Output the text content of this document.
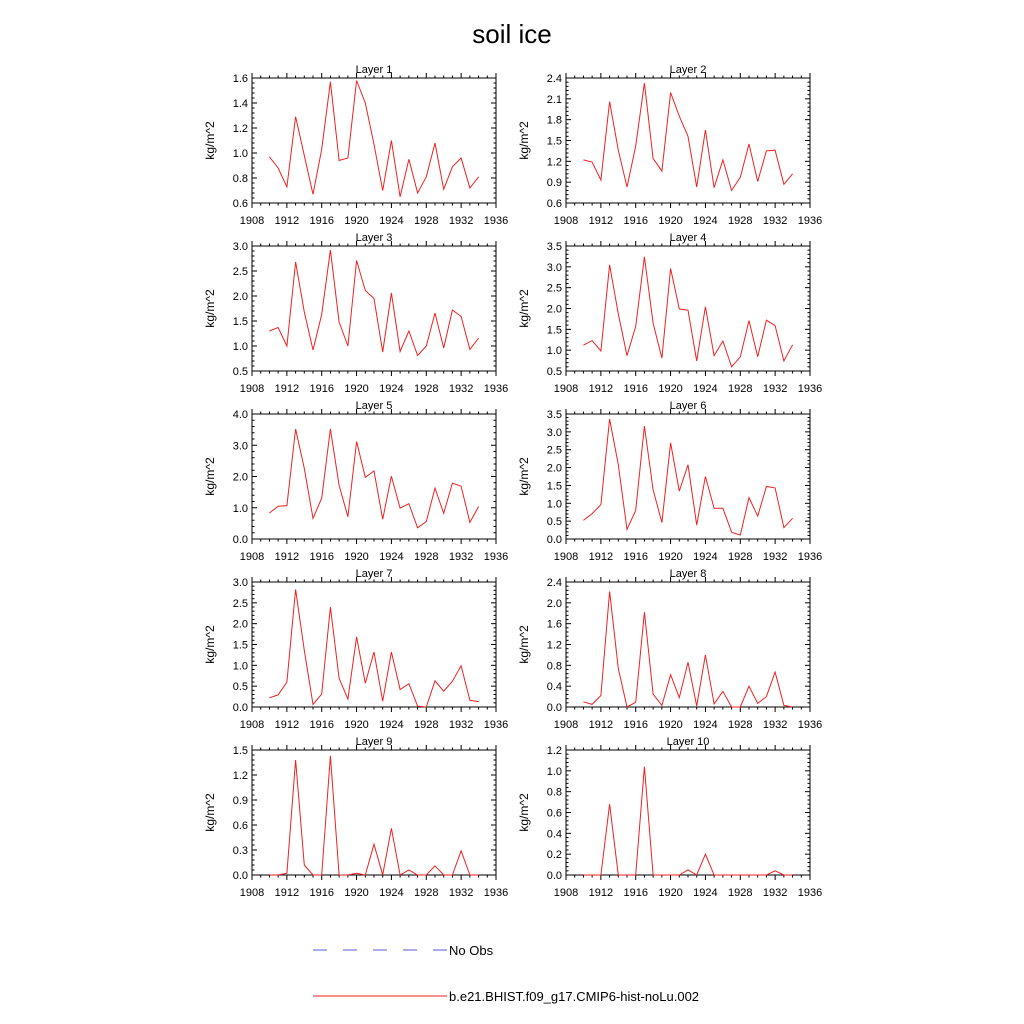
soil ice
Layer 1
0.6
0.8
1.0
1.2
1.4
1.6
1908 1912 1916 1920 1924 1928 1932 1936
kg/m^2
Layer 2
0.6
0.9
1.2
1.5
1.8
2.1
2.4
1908 1912 1916 1920 1924 1928 1932 1936
kg/m^2
Layer 3
0.5
1.0
1.5
2.0
2.5
3.0
1908 1912 1916 1920 1924 1928 1932 1936
kg/m^2
Layer 4
0.5
1.0
1.5
2.0
2.5
3.0
3.5
1908 1912 1916 1920 1924 1928 1932 1936
kg/m^2
Layer 5
0.0
1.0
2.0
3.0
4.0
1908 1912 1916 1920 1924 1928 1932 1936
kg/m^2
Layer 6
0.0
0.5
1.0
1.5
2.0
2.5
3.0
3.5
1908 1912 1916 1920 1924 1928 1932 1936
kg/m^2
Layer 7
0.0
0.5
1.0
1.5
2.0
2.5
3.0
1908 1912 1916 1920 1924 1928 1932 1936
kg/m^2
Layer 8
0.0
0.4
0.8
1.2
1.6
2.0
2.4
1908 1912 1916 1920 1924 1928 1932 1936
kg/m^2
Layer 9
0.0
0.3
0.6
0.9
1.2
1.5
1908 1912 1916 1920 1924 1928 1932 1936
kg/m^2
Layer 10
0.0
0.2
0.4
0.6
0.8
1.0
1.2
1908 1912 1916 1920 1924 1928 1932 1936
kg/m^2
No Obs
b.e21.BHIST.f09_g17.CMIP6-hist-noLu.002
